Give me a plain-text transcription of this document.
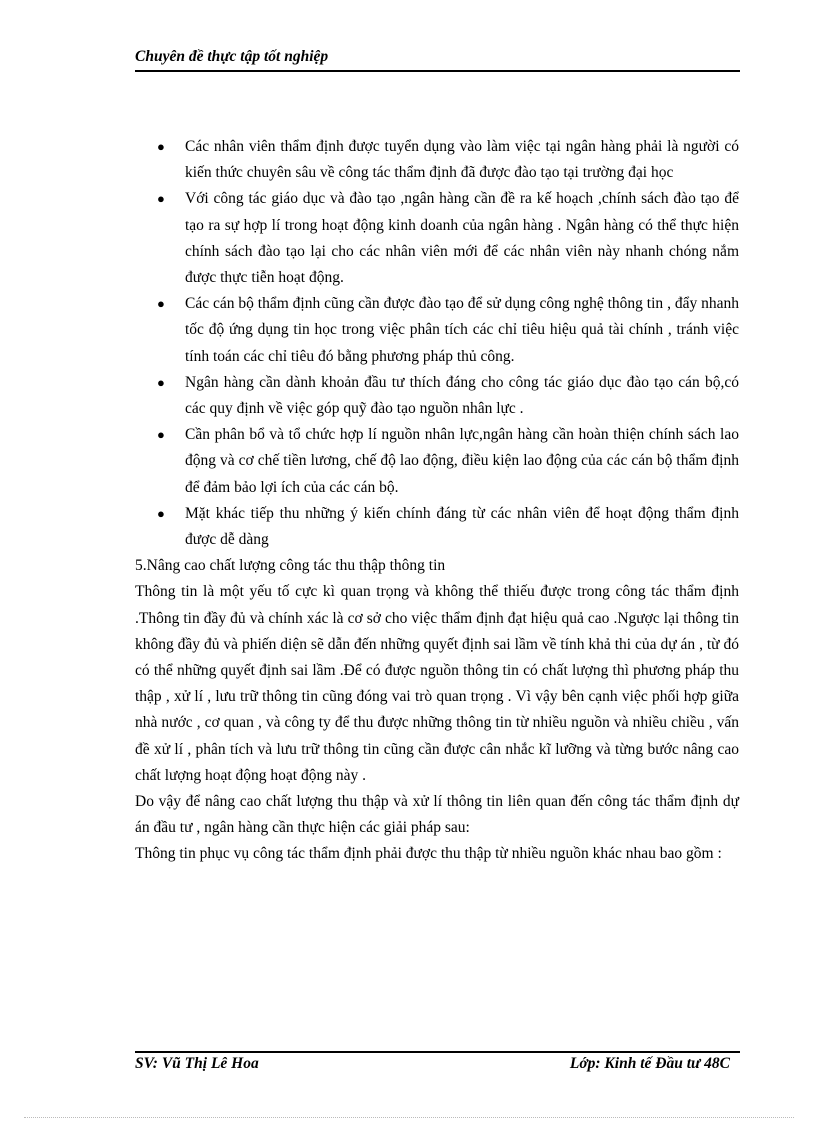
Chuyên đề thực tập tốt nghiệp
● Các nhân viên thẩm định được tuyển dụng vào làm việc tại ngân hàng phải là người có kiến thức chuyên sâu về công tác thẩm định đã được đào tạo tại trường đại học
● Với công tác giáo dục và đào tạo ,ngân hàng cần đề ra kế hoạch ,chính sách đào tạo để tạo ra sự hợp lí trong hoạt động kinh doanh của ngân hàng . Ngân hàng có thể thực hiện chính sách đào tạo lại cho các nhân viên mới để các nhân viên này nhanh chóng nắm được thực tiễn hoạt động.
● Các cán bộ thẩm định cũng cần được đào tạo để sử dụng công nghệ thông tin , đẩy nhanh tốc độ ứng dụng tin học trong việc phân tích các chỉ tiêu hiệu quả tài chính , tránh việc tính toán các chỉ tiêu đó bằng phương pháp thủ công.
● Ngân hàng cần dành khoản đầu tư thích đáng cho công tác giáo dục đào tạo cán bộ,có các quy định về việc góp quỹ đào tạo nguồn nhân lực .
● Cần phân bổ và tổ chức hợp lí nguồn nhân lực,ngân hàng cần hoàn thiện chính sách lao động và cơ chế tiền lương, chế độ lao động, điều kiện lao động của các cán bộ thẩm định để đảm bảo lợi ích của các cán bộ.
● Mặt khác tiếp thu những ý kiến chính đáng từ các nhân viên để hoạt động thẩm định được dễ dàng

5.Nâng cao chất lượng công tác thu thập thông tin

Thông tin là một yếu tố cực kì quan trọng và không thể thiếu được trong công tác thẩm định .Thông tin đầy đủ và chính xác là cơ sở cho việc thẩm định đạt hiệu quả cao .Ngược lại thông tin không đầy đủ và phiến diện sẽ dẫn đến những quyết định sai lầm về tính khả thi của dự án , từ đó có thể những quyết định sai lầm .Để có được nguồn thông tin có chất lượng thì phương pháp thu thập , xử lí , lưu trữ thông tin cũng đóng vai trò quan trọng . Vì vậy bên cạnh việc phối hợp giữa nhà nước , cơ quan , và công ty để thu được những thông tin từ nhiều nguồn và nhiều chiều , vấn đề xử lí , phân tích và lưu trữ thông tin cũng cần được cân nhắc kĩ lưỡng và từng bước nâng cao chất lượng hoạt động hoạt động này .

Do vậy để nâng cao chất lượng thu thập và xử lí thông tin liên quan đến công tác thẩm định dự án đầu tư , ngân hàng cần thực hiện các giải pháp sau:

Thông tin phục vụ công tác thẩm định phải được thu thập từ nhiều nguồn khác nhau bao gồm :

SV: Vũ Thị Lê Hoa	Lớp: Kinh tế Đầu tư 48C
